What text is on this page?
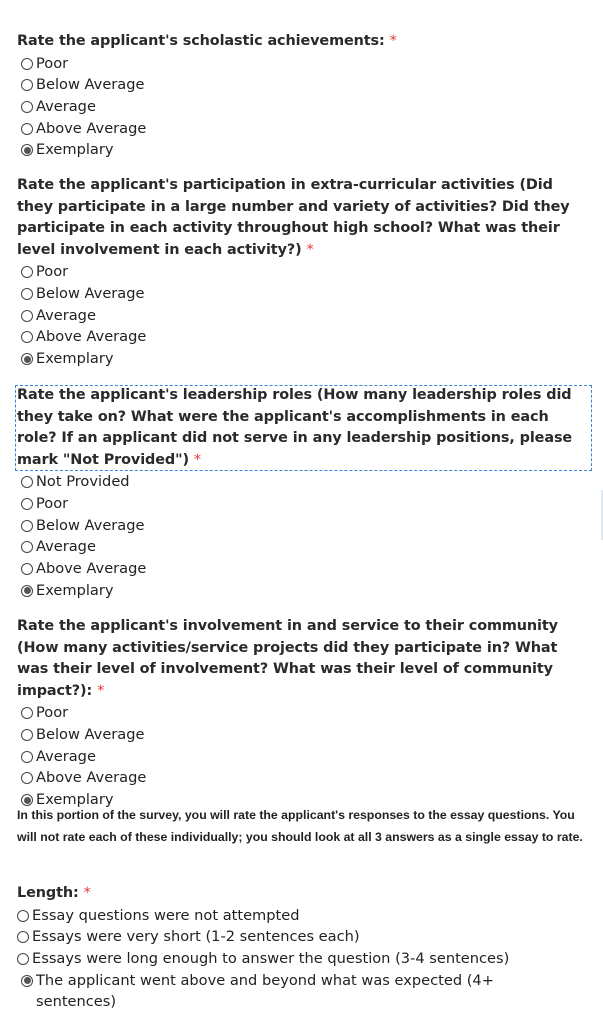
Rate the applicant's scholastic achievements: *
Poor
Below Average
Average
Above Average
Exemplary
Rate the applicant's participation in extra-curricular activities (Did they participate in a large number and variety of activities? Did they participate in each activity throughout high school? What was their level involvement in each activity?) *
Poor
Below Average
Average
Above Average
Exemplary
Rate the applicant's leadership roles (How many leadership roles did they take on? What were the applicant's accomplishments in each role? If an applicant did not serve in any leadership positions, please mark "Not Provided") *
Not Provided
Poor
Below Average
Average
Above Average
Exemplary
Rate the applicant's involvement in and service to their community (How many activities/service projects did they participate in? What was their level of involvement? What was their level of community impact?): *
Poor
Below Average
Average
Above Average
Exemplary
In this portion of the survey, you will rate the applicant's responses to the essay questions. You will not rate each of these individually; you should look at all 3 answers as a single essay to rate.
Length: *
Essay questions were not attempted
Essays were very short (1-2 sentences each)
Essays were long enough to answer the question (3-4 sentences)
The applicant went above and beyond what was expected (4+ sentences)
